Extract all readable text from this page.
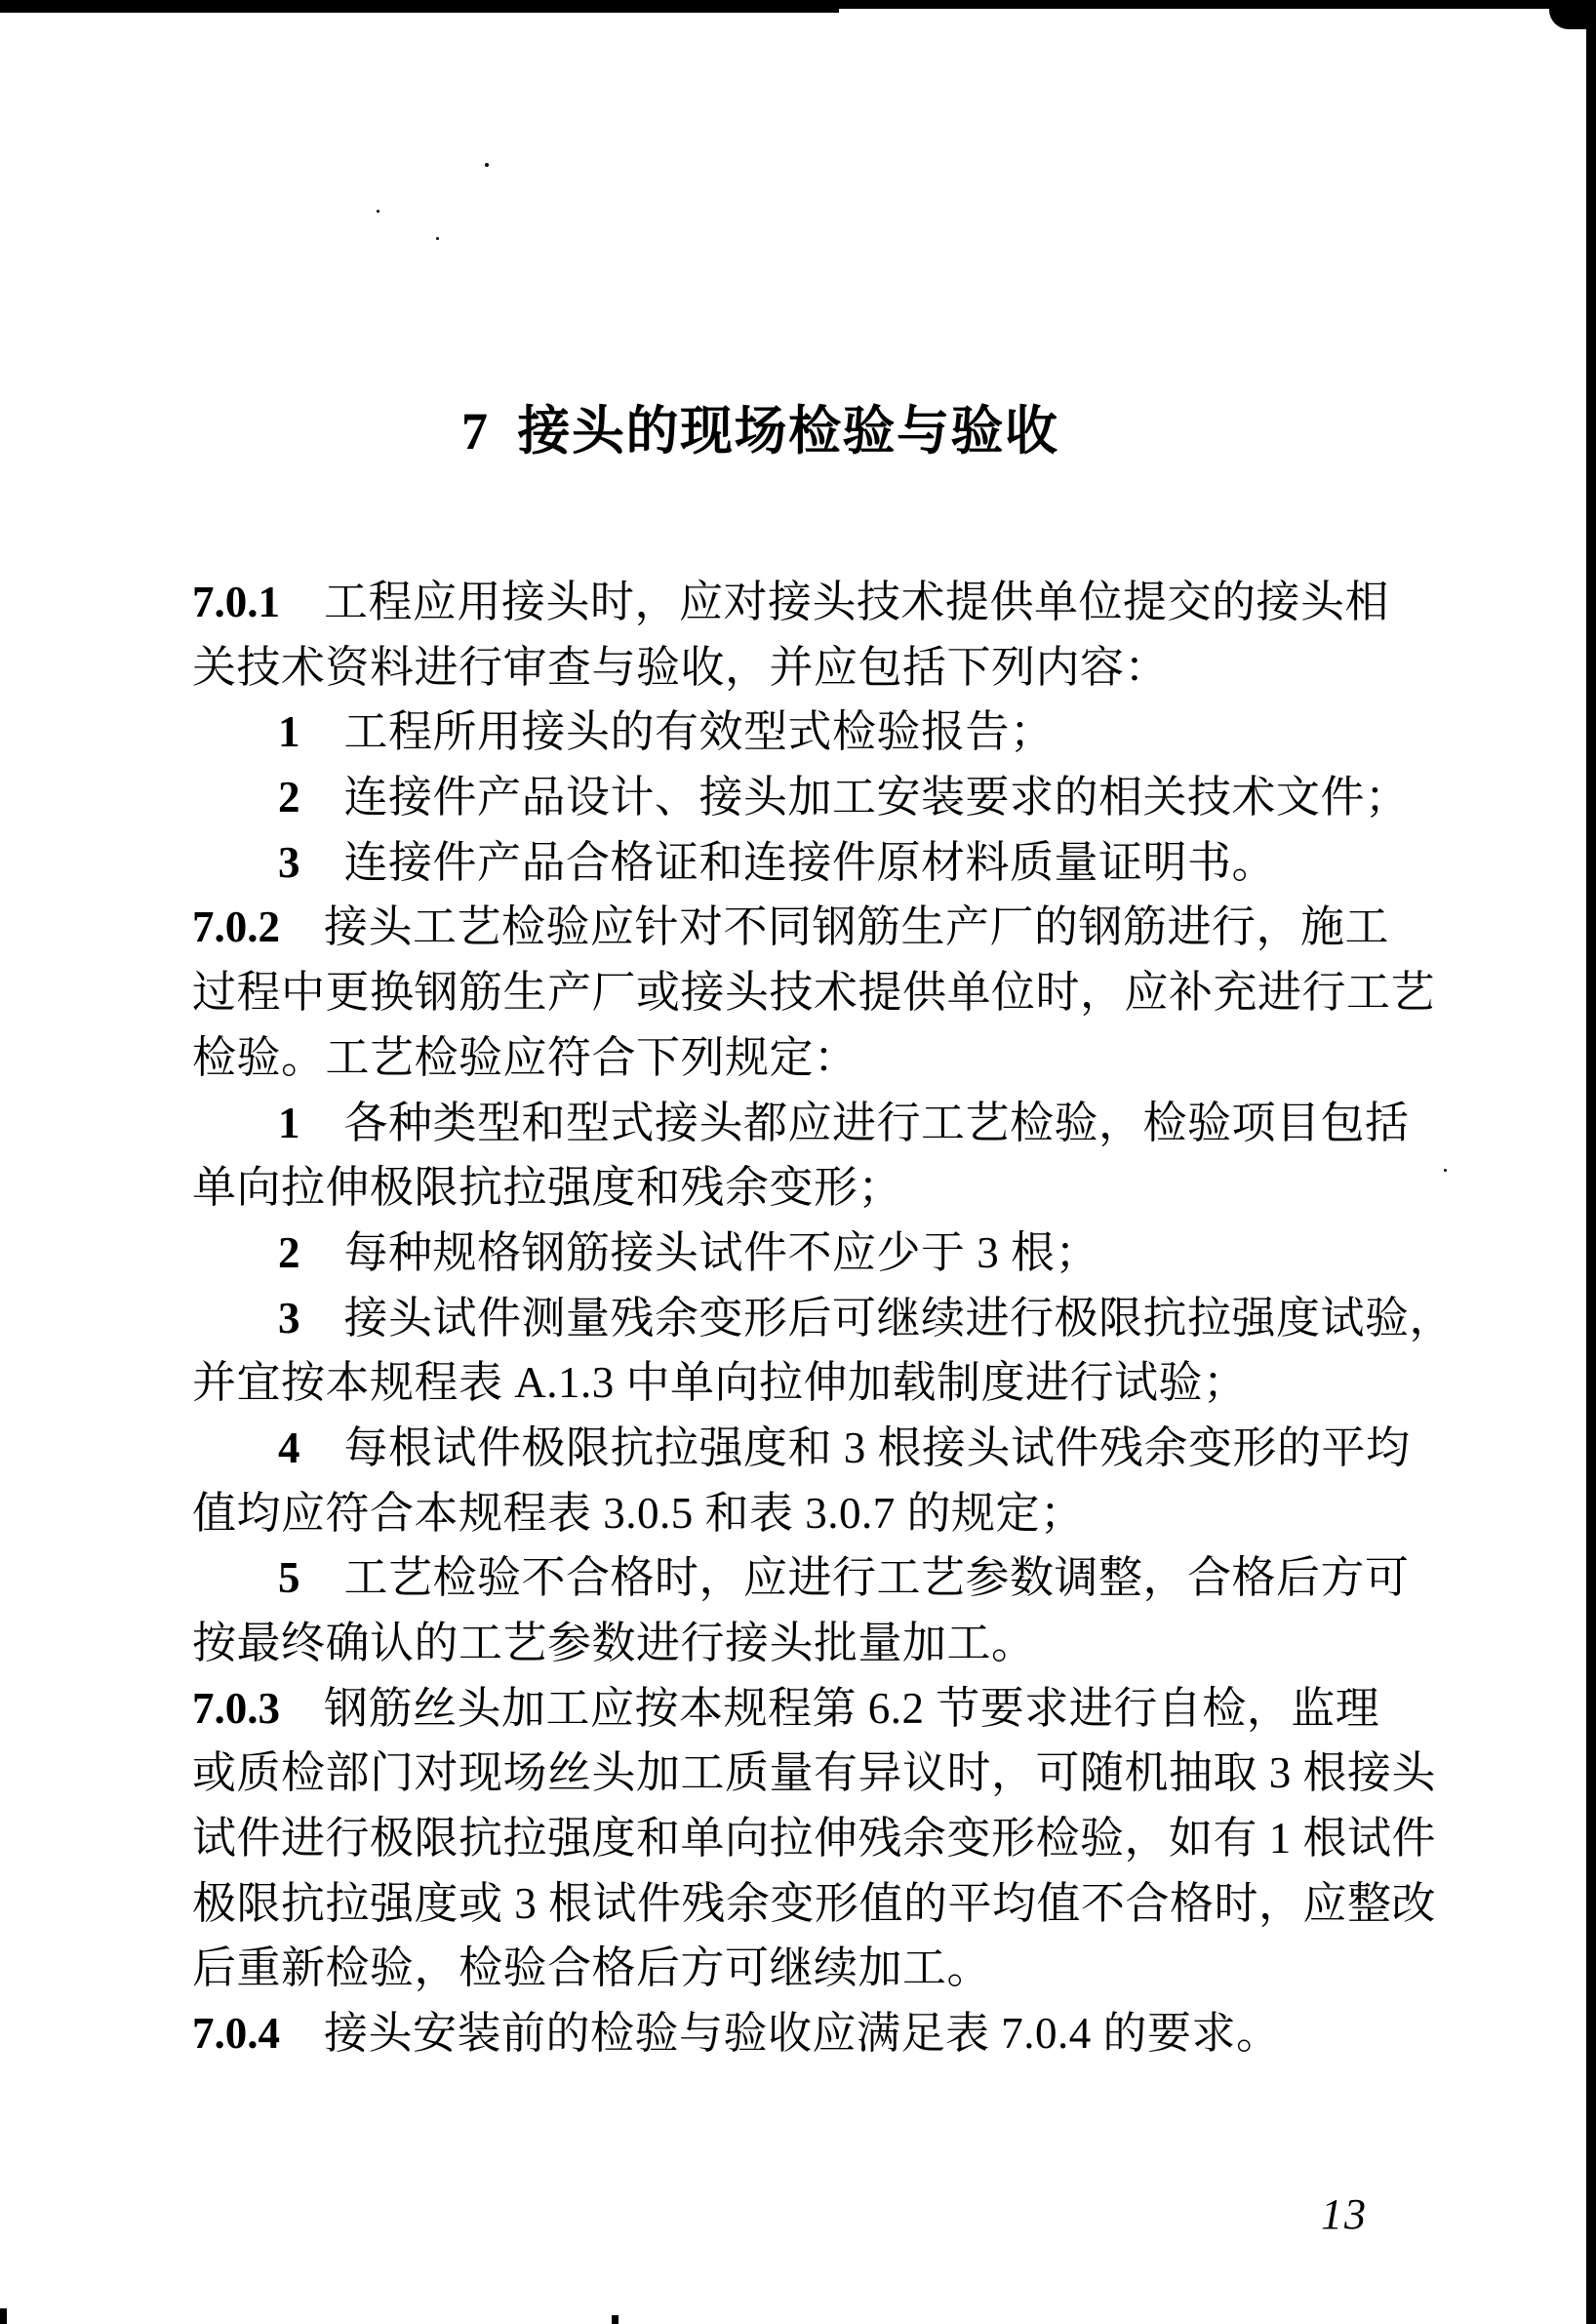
7 接头的现场检验与验收
7.0.1 工程应用接头时，应对接头技术提供单位提交的接头相
关技术资料进行审查与验收，并应包括下列内容：
1 工程所用接头的有效型式检验报告；
2 连接件产品设计、接头加工安装要求的相关技术文件；
3 连接件产品合格证和连接件原材料质量证明书。
7.0.2 接头工艺检验应针对不同钢筋生产厂的钢筋进行，施工
过程中更换钢筋生产厂或接头技术提供单位时，应补充进行工艺
检验。工艺检验应符合下列规定：
1 各种类型和型式接头都应进行工艺检验，检验项目包括
单向拉伸极限抗拉强度和残余变形；
2 每种规格钢筋接头试件不应少于 3 根；
3 接头试件测量残余变形后可继续进行极限抗拉强度试验，
并宜按本规程表 A.1.3 中单向拉伸加载制度进行试验；
4 每根试件极限抗拉强度和 3 根接头试件残余变形的平均
值均应符合本规程表 3.0.5 和表 3.0.7 的规定；
5 工艺检验不合格时，应进行工艺参数调整，合格后方可
按最终确认的工艺参数进行接头批量加工。
7.0.3 钢筋丝头加工应按本规程第 6.2 节要求进行自检，监理
或质检部门对现场丝头加工质量有异议时，可随机抽取 3 根接头
试件进行极限抗拉强度和单向拉伸残余变形检验，如有 1 根试件
极限抗拉强度或 3 根试件残余变形值的平均值不合格时，应整改
后重新检验，检验合格后方可继续加工。
7.0.4 接头安装前的检验与验收应满足表 7.0.4 的要求。
13
